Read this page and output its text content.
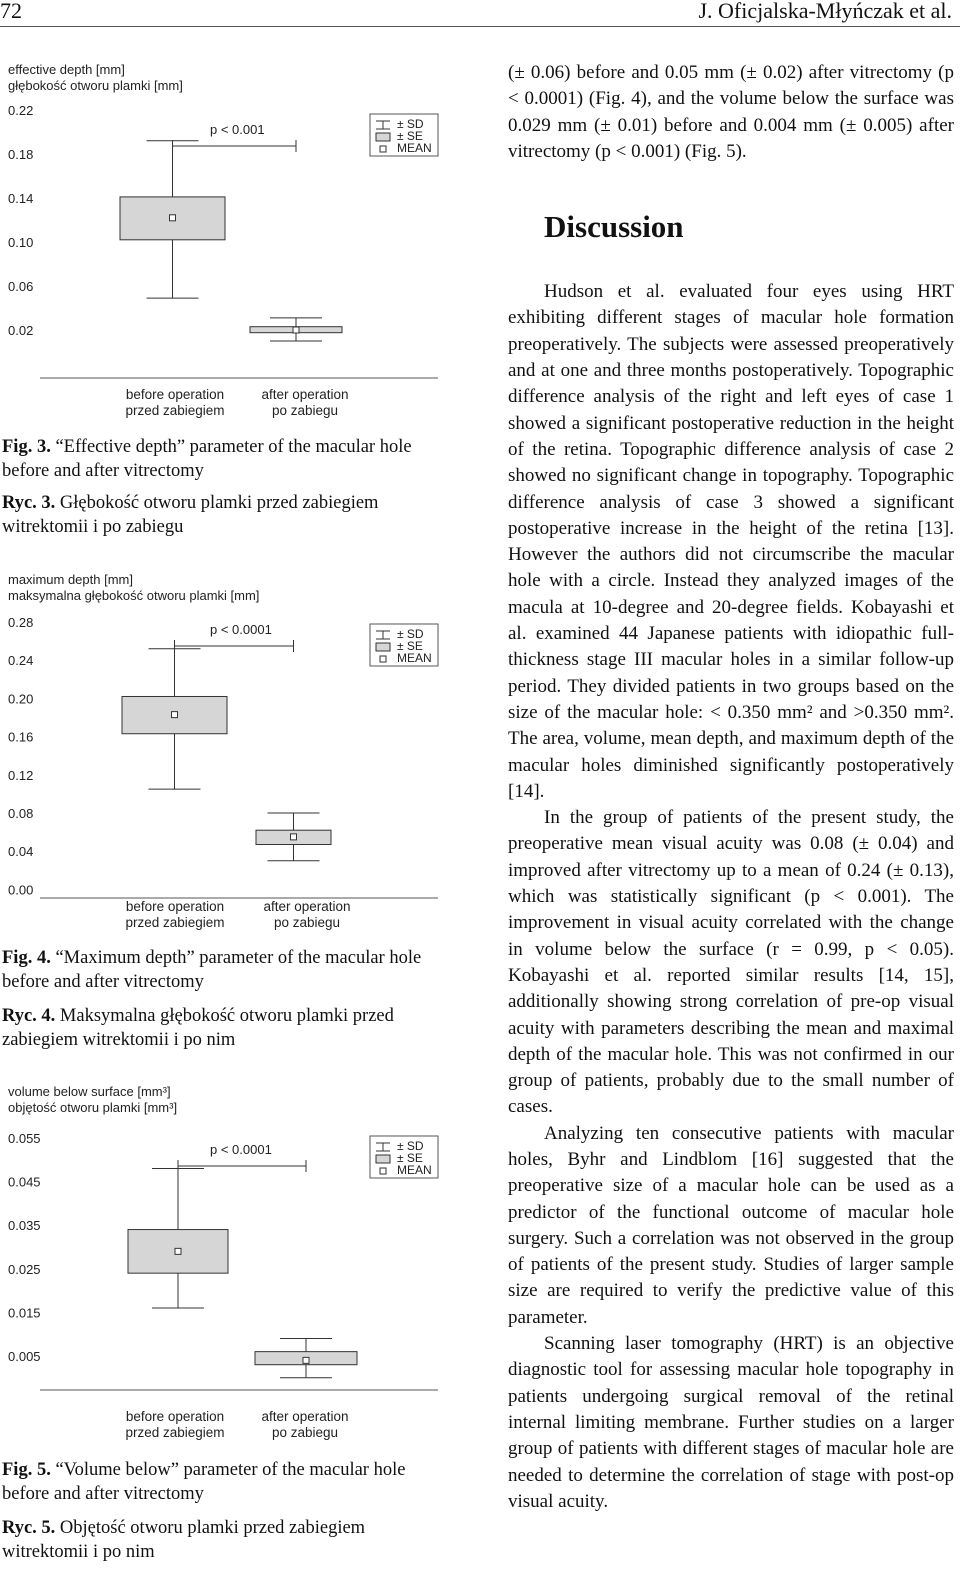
72	J. Oficjalska-Młyńczak et al.
effective depth [mm]
głębokość otworu plamki [mm]
0.22
0.18
0.14
0.10
0.06
0.02
p < 0.001	± SD
± SE
MEAN
before operation
przed zabiegiem
after operation
po zabiegu
Fig. 3. “Effective depth” parameter of the macular hole before and after vitrectomy
Ryc. 3. Głębokość otworu plamki przed zabiegiem witrektomii i po zabiegu
maximum depth [mm]
maksymalna głębokość otworu plamki [mm]
0.28
0.24
0.20
0.16
0.12
0.08
0.04
0.00
p < 0.0001	± SD
± SE
MEAN
before operation
przed zabiegiem
after operation
po zabiegu
Fig. 4. “Maximum depth” parameter of the macular hole before and after vitrectomy
Ryc. 4. Maksymalna głębokość otworu plamki przed zabiegiem witrektomii i po nim
volume below surface [mm³]
objętość otworu plamki [mm³]
0.055
0.045
0.035
0.025
0.015
0.005
p < 0.0001	± SD
± SE
MEAN
before operation
przed zabiegiem
after operation
po zabiegu
Fig. 5. “Volume below” parameter of the macular hole before and after vitrectomy
Ryc. 5. Objętość otworu plamki przed zabiegiem witrektomii i po nim

(± 0.06) before and 0.05 mm (± 0.02) after vitrectomy (p < 0.0001) (Fig. 4), and the volume below the surface was 0.029 mm (± 0.01) before and 0.004 mm (± 0.005) after vitrectomy (p < 0.001) (Fig. 5).

Discussion

Hudson et al. evaluated four eyes using HRT exhibiting different stages of macular hole formation preoperatively. The subjects were assessed preoperatively and at one and three months postoperatively. Topographic difference analysis of the right and left eyes of case 1 showed a significant postoperative reduction in the height of the retina. Topographic difference analysis of case 2 showed no significant change in topography. Topographic difference analysis of case 3 showed a significant postoperative increase in the height of the retina [13]. However the authors did not circumscribe the macular hole with a circle. Instead they analyzed images of the macula at 10-degree and 20-degree fields. Kobayashi et al. examined 44 Japanese patients with idiopathic full-thickness stage III macular holes in a similar follow-up period. They divided patients in two groups based on the size of the macular hole: < 0.350 mm² and >0.350 mm². The area, volume, mean depth, and maximum depth of the macular holes diminished significantly postoperatively [14].

In the group of patients of the present study, the preoperative mean visual acuity was 0.08 (± 0.04) and improved after vitrectomy up to a mean of 0.24 (± 0.13), which was statistically significant (p < 0.001). The improvement in visual acuity correlated with the change in volume below the surface (r = 0.99, p < 0.05). Kobayashi et al. reported similar results [14, 15], additionally showing strong correlation of pre-op visual acuity with parameters describing the mean and maximal depth of the macular hole. This was not confirmed in our group of patients, probably due to the small number of cases.

Analyzing ten consecutive patients with macular holes, Byhr and Lindblom [16] suggested that the preoperative size of a macular hole can be used as a predictor of the functional outcome of macular hole surgery. Such a correlation was not observed in the group of patients of the present study. Studies of larger sample size are required to verify the predictive value of this parameter.

Scanning laser tomography (HRT) is an objective diagnostic tool for assessing macular hole topography in patients undergoing surgical removal of the retinal internal limiting membrane. Further studies on a larger group of patients with different stages of macular hole are needed to determine the correlation of stage with post-op visual acuity.
